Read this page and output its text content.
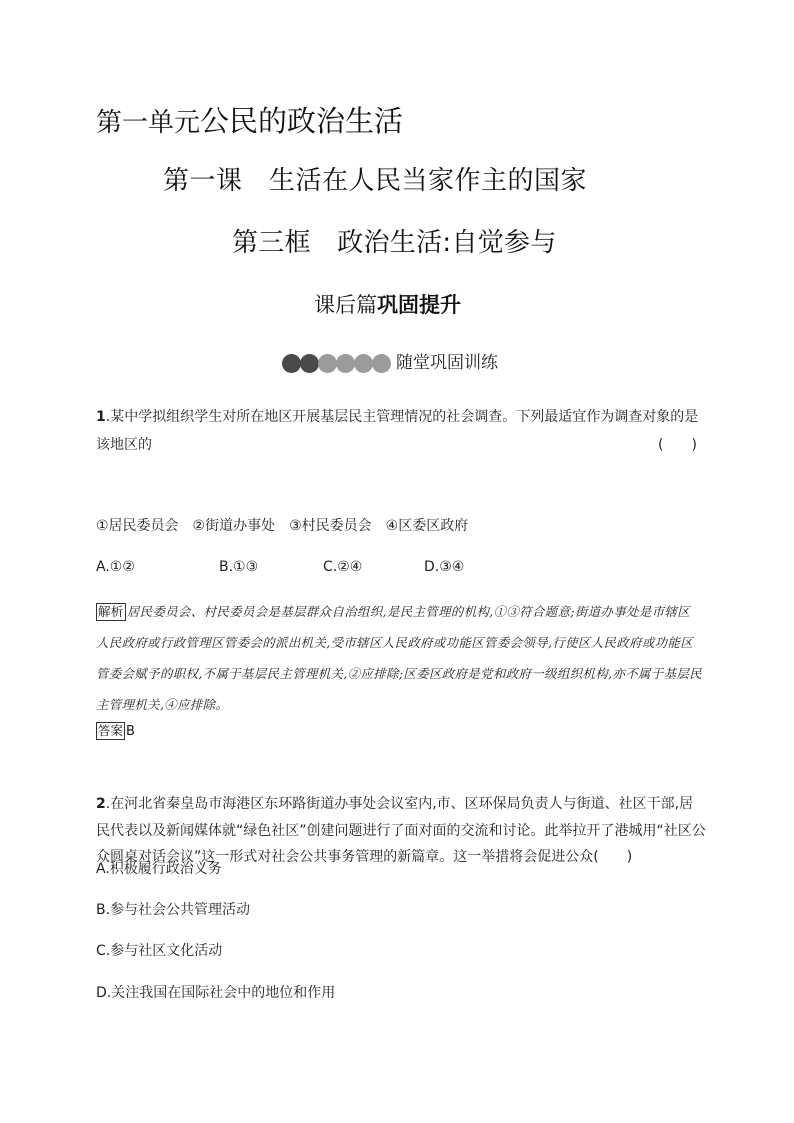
第一单元公民的政治生活
第一课　生活在人民当家作主的国家
第三框　政治生活:自觉参与
课后篇巩固提升
随堂巩固训练
1.某中学拟组织学生对所在地区开展基层民主管理情况的社会调查。下列最适宜作为调查对象的是
该地区的	(　　)
①居民委员会　②街道办事处　③村民委员会　④区委区政府
A.①②	B.①③	C.②④	D.③④
解析 居民委员会、村民委员会是基层群众自治组织,是民主管理的机构,①③符合题意;街道办事处是市辖区人民政府或行政管理区管委会的派出机关,受市辖区人民政府或功能区管委会领导,行使区人民政府或功能区管委会赋予的职权,不属于基层民主管理机关,②应排除;区委区政府是党和政府一级组织机构,亦不属于基层民主管理机关,④应排除。
答案 B
2.在河北省秦皇岛市海港区东环路街道办事处会议室内,市、区环保局负责人与街道、社区干部,居民代表以及新闻媒体就“绿色社区”创建问题进行了面对面的交流和讨论。此举拉开了港城用“社区公众圆桌对话会议”这一形式对社会公共事务管理的新篇章。这一举措将会促进公众(　　)
A.积极履行政治义务
B.参与社会公共管理活动
C.参与社区文化活动
D.关注我国在国际社会中的地位和作用
